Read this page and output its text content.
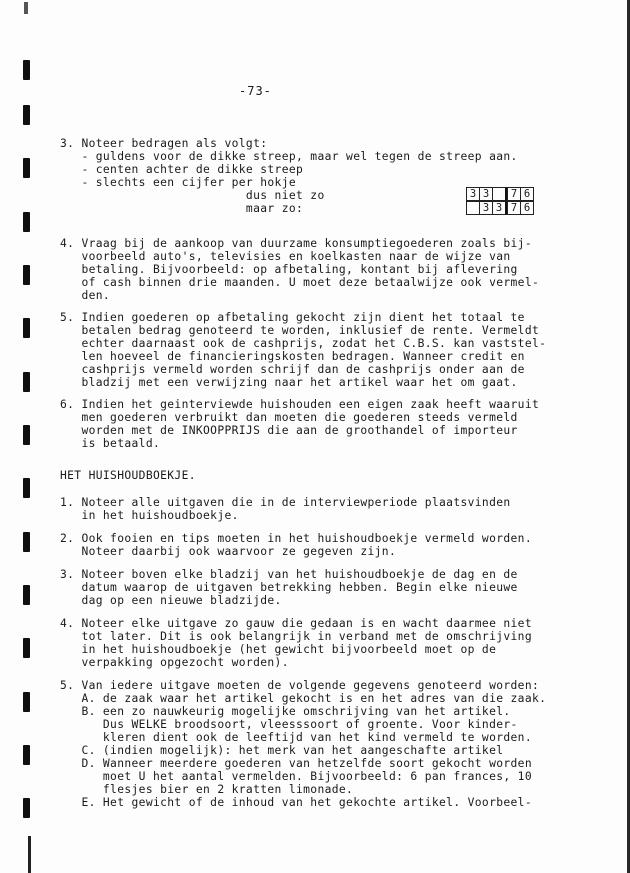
-73-
3. Noteer bedragen als volgt:
- guldens voor de dikke streep, maar wel tegen de streep aan.
- centen achter de dikke streep
- slechts een cijfer per hokje
dus niet zo
maar zo:
3 3	7 6
3 3 7 6
4. Vraag bij de aankoop van duurzame konsumptiegoederen zoals bij-
voorbeeld auto's, televisies en koelkasten naar de wijze van
betaling. Bijvoorbeeld: op afbetaling, kontant bij aflevering
of cash binnen drie maanden. U moet deze betaalwijze ook vermel-
den.
5. Indien goederen op afbetaling gekocht zijn dient het totaal te
betalen bedrag genoteerd te worden, inklusief de rente. Vermeldt
echter daarnaast ook de cashprijs, zodat het C.B.S. kan vaststel-
len hoeveel de financieringskosten bedragen. Wanneer credit en
cashprijs vermeld worden schrijf dan de cashprijs onder aan de
bladzij met een verwijzing naar het artikel waar het om gaat.
6. Indien het geinterviewde huishouden een eigen zaak heeft waaruit
men goederen verbruikt dan moeten die goederen steeds vermeld
worden met de INKOOPPRIJS die aan de groothandel of importeur
is betaald.
HET HUISHOUDBOEKJE.
1. Noteer alle uitgaven die in de interviewperiode plaatsvinden
in het huishoudboekje.
2. Ook fooien en tips moeten in het huishoudboekje vermeld worden.
Noteer daarbij ook waarvoor ze gegeven zijn.
3. Noteer boven elke bladzij van het huishoudboekje de dag en de
datum waarop de uitgaven betrekking hebben. Begin elke nieuwe
dag op een nieuwe bladzijde.
4. Noteer elke uitgave zo gauw die gedaan is en wacht daarmee niet
tot later. Dit is ook belangrijk in verband met de omschrijving
in het huishoudboekje (het gewicht bijvoorbeeld moet op de
verpakking opgezocht worden).
5. Van iedere uitgave moeten de volgende gegevens genoteerd worden:
A. de zaak waar het artikel gekocht is en het adres van die zaak.
B. een zo nauwkeurig mogelijke omschrijving van het artikel.
Dus WELKE broodsoort, vleesssoort of groente. Voor kinder-
kleren dient ook de leeftijd van het kind vermeld te worden.
C. (indien mogelijk): het merk van het aangeschafte artikel
D. Wanneer meerdere goederen van hetzelfde soort gekocht worden
moet U het aantal vermelden. Bijvoorbeeld: 6 pan frances, 10
flesjes bier en 2 kratten limonade.
E. Het gewicht of de inhoud van het gekochte artikel. Voorbeel-
